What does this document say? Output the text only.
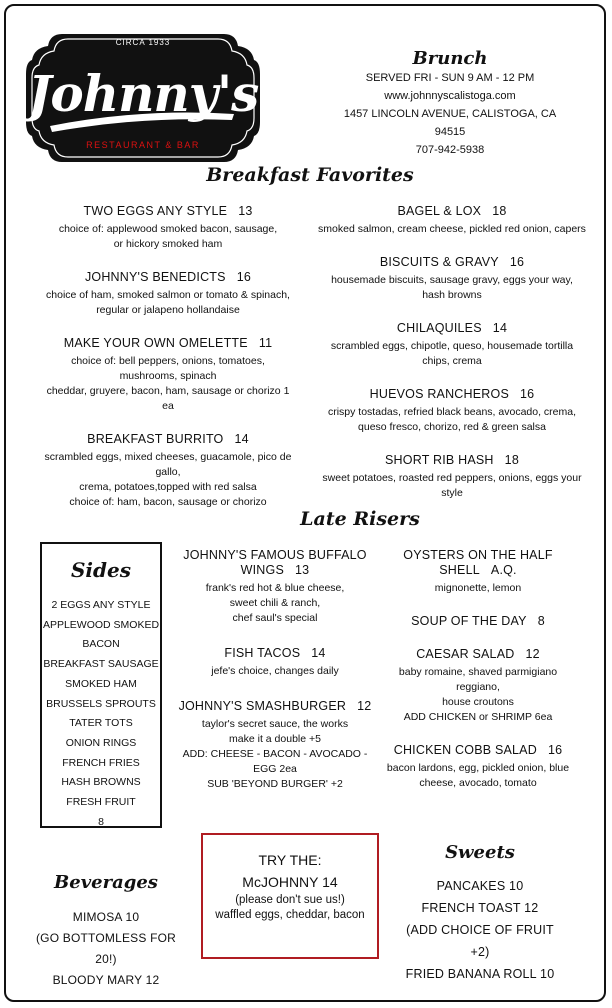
CIRCA 1933
Johnny's
RESTAURANT & BAR
Brunch
SERVED FRI - SUN 9 AM - 12 PM
www.johnnyscalistoga.com
1457 LINCOLN AVENUE, CALISTOGA, CA 94515
707-942-5938
Breakfast Favorites
TWO EGGS ANY STYLE 13
choice of: applewood smoked bacon, sausage,
or hickory smoked ham
JOHNNY'S BENEDICTS 16
choice of ham, smoked salmon or tomato & spinach,
regular or jalapeno hollandaise
MAKE YOUR OWN OMELETTE 11
choice of: bell peppers, onions, tomatoes, mushrooms, spinach
cheddar, gruyere, bacon, ham, sausage or chorizo 1 ea
BREAKFAST BURRITO 14
scrambled eggs, mixed cheeses, guacamole, pico de gallo,
crema, potatoes,topped with red salsa
choice of: ham, bacon, sausage or chorizo
BAGEL & LOX 18
smoked salmon, cream cheese, pickled red onion, capers
BISCUITS & GRAVY 16
housemade biscuits, sausage gravy, eggs your way,
hash browns
CHILAQUILES 14
scrambled eggs, chipotle, queso, housemade tortilla chips, crema
HUEVOS RANCHEROS 16
crispy tostadas, refried black beans, avocado, crema,
queso fresco, chorizo, red & green salsa
SHORT RIB HASH 18
sweet potatoes, roasted red peppers, onions, eggs your style
Late Risers
JOHNNY'S FAMOUS BUFFALO WINGS 13
frank's red hot & blue cheese,
sweet chili & ranch,
chef saul's special
FISH TACOS 14
jefe's choice, changes daily
JOHNNY'S SMASHBURGER 12
taylor's secret sauce, the works
make it a double +5
ADD: CHEESE - BACON - AVOCADO - EGG 2ea
SUB 'BEYOND BURGER' +2
OYSTERS ON THE HALF SHELL A.Q.
mignonette, lemon
SOUP OF THE DAY 8
CAESAR SALAD 12
baby romaine, shaved parmigiano reggiano,
house croutons
ADD CHICKEN or SHRIMP 6ea
CHICKEN COBB SALAD 16
bacon lardons, egg, pickled onion, blue
cheese, avocado, tomato
Sides
2 EGGS ANY STYLE
APPLEWOOD SMOKED BACON
BREAKFAST SAUSAGE
SMOKED HAM
BRUSSELS SPROUTS
TATER TOTS
ONION RINGS
FRENCH FRIES
HASH BROWNS
FRESH FRUIT
8
Beverages
MIMOSA 10
(GO BOTTOMLESS FOR 20!)
BLOODY MARY 12
TRY THE:
McJOHNNY 14
(please don't sue us!)
waffled eggs, cheddar, bacon
Sweets
PANCAKES 10
FRENCH TOAST 12
(ADD CHOICE OF FRUIT +2)
FRIED BANANA ROLL 10
